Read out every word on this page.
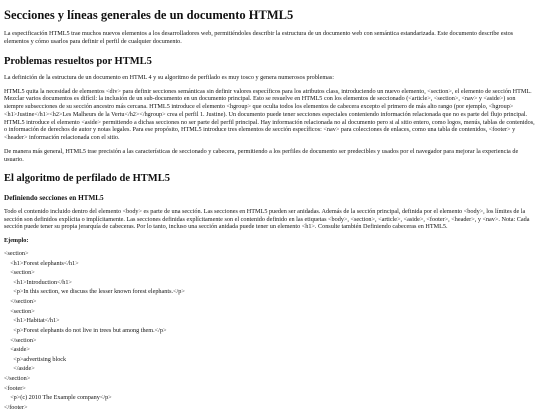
Secciones y líneas generales de un documento HTML5

La especificación HTML5 trae muchos nuevos elementos a los desarrolladores web, permitiéndoles describir la estructura de un documento web con semántica estandarizada. Este documento describe estos elementos y cómo usarlos para definir el perfil de cualquier documento.

Problemas resueltos por HTML5

La definición de la estructura de un documento en HTML 4 y su algoritmo de perfilado es muy tosco y genera numerosos problemas:

HTML5 quita la necesidad de elementos <div> para definir secciones semánticas sin definir valores específicos para los atributos class, introduciendo un nuevo elemento, <section>, el elemento de sección HTML. Mezclar varios documentos es difícil: la inclusión de un sub-documento en un documento principal. Esto se resuelve en HTML5 con los elementos de seccionado (<article>, <section>, <nav> y <aside>) son siempre subsecciones de su sección ancestro más cercana. HTML5 introduce el elemento <hgroup> que oculta todos los elementos de cabecera excepto el primero de más alto rango (por ejemplo, <hgroup><h1>Justine</h1><h2>Les Malheurs de la Vertu</h2></hgroup> crea el perfil 1. Justine). Un documento puede tener secciones especiales conteniendo información relacionada que no es parte del flujo principal. HTML5 introduce el elemento <aside> permitiendo a dichas secciones no ser parte del perfil principal. Hay información relacionada no al documento pero si al sitio entero, como logos, menús, tablas de contenidos, o información de derechos de autor y notas legales. Para ese propósito, HTML5 introduce tres elementos de sección específicos: <nav> para colecciones de enlaces, como una tabla de contenidos, <footer> y <header> información relacionada con el sitio.

De manera más general, HTML5 trae precisión a las características de seccionado y cabecera, permitiendo a los perfiles de documento ser predecibles y usados por el navegador para mejorar la experiencia de usuario.

El algoritmo de perfilado de HTML5
Definiendo secciones en HTML5

Todo el contenido incluido dentro del elemento <body> es parte de una sección. Las secciones en HTML5 pueden ser anidadas. Además de la sección principal, definida por el elemento <body>, los límites de la sección son definidos explícita o implícitamente. Las secciones definidas explícitamente son el contenido definido en las etiquetas <body>, <section>, <article>, <aside>, <footer>, <header>, y <nav>. Nota: Cada sección puede tener su propia jerarquía de cabeceras. Por lo tanto, incluso una sección anidada puede tener un elemento <h1>. Consulte también Definiendo cabeceras en HTML5.

Ejemplo:
<section>
<h1>Forest elephants</h1>
<section>
<h1>Introduction</h1>
<p>In this section, we discuss the lesser known forest elephants.</p>
</section>
<section>
<h1>Habitat</h1>
<p>Forest elephants do not live in trees but among them.</p>
</section>
<aside>
<p>advertising block
</aside>
</section>
<footer>
<p>(c) 2010 The Example company</p>
</footer>
